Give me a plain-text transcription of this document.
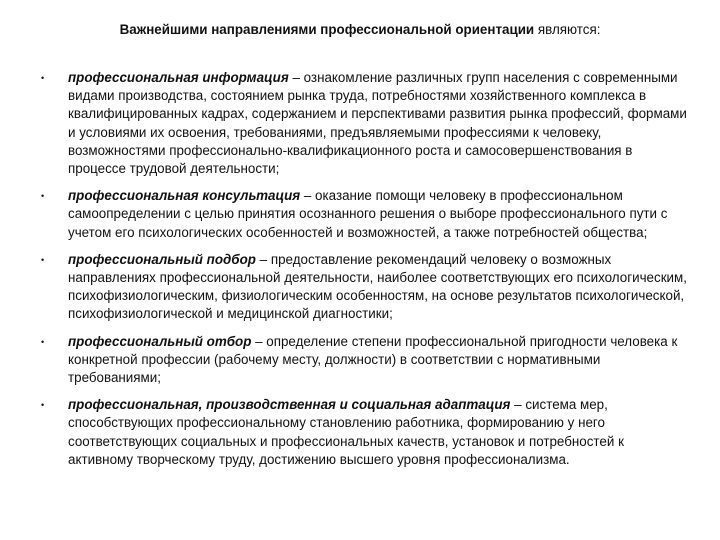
Важнейшими направлениями профессиональной ориентации являются:

• профессиональная информация – ознакомление различных групп населения с современными видами производства, состоянием рынка труда, потребностями хозяйственного комплекса в квалифицированных кадрах, содержанием и перспективами развития рынка профессий, формами и условиями их освоения, требованиями, предъявляемыми профессиями к человеку, возможностями профессионально-квалификационного роста и самосовершенствования в процессе трудовой деятельности;
• профессиональная консультация – оказание помощи человеку в профессиональном самоопределении с целью принятия осознанного решения о выборе профессионального пути с учетом его психологических особенностей и возможностей, а также потребностей общества;
• профессиональный подбор – предоставление рекомендаций человеку о возможных направлениях профессиональной деятельности, наиболее соответствующих его психологическим, психофизиологическим, физиологическим особенностям, на основе результатов психологической, психофизиологической и медицинской диагностики;
• профессиональный отбор – определение степени профессиональной пригодности человека к конкретной профессии (рабочему месту, должности) в соответствии с нормативными требованиями;
• профессиональная, производственная и социальная адаптация – система мер, способствующих профессиональному становлению работника, формированию у него соответствующих социальных и профессиональных качеств, установок и потребностей к активному творческому труду, достижению высшего уровня профессионализма.
